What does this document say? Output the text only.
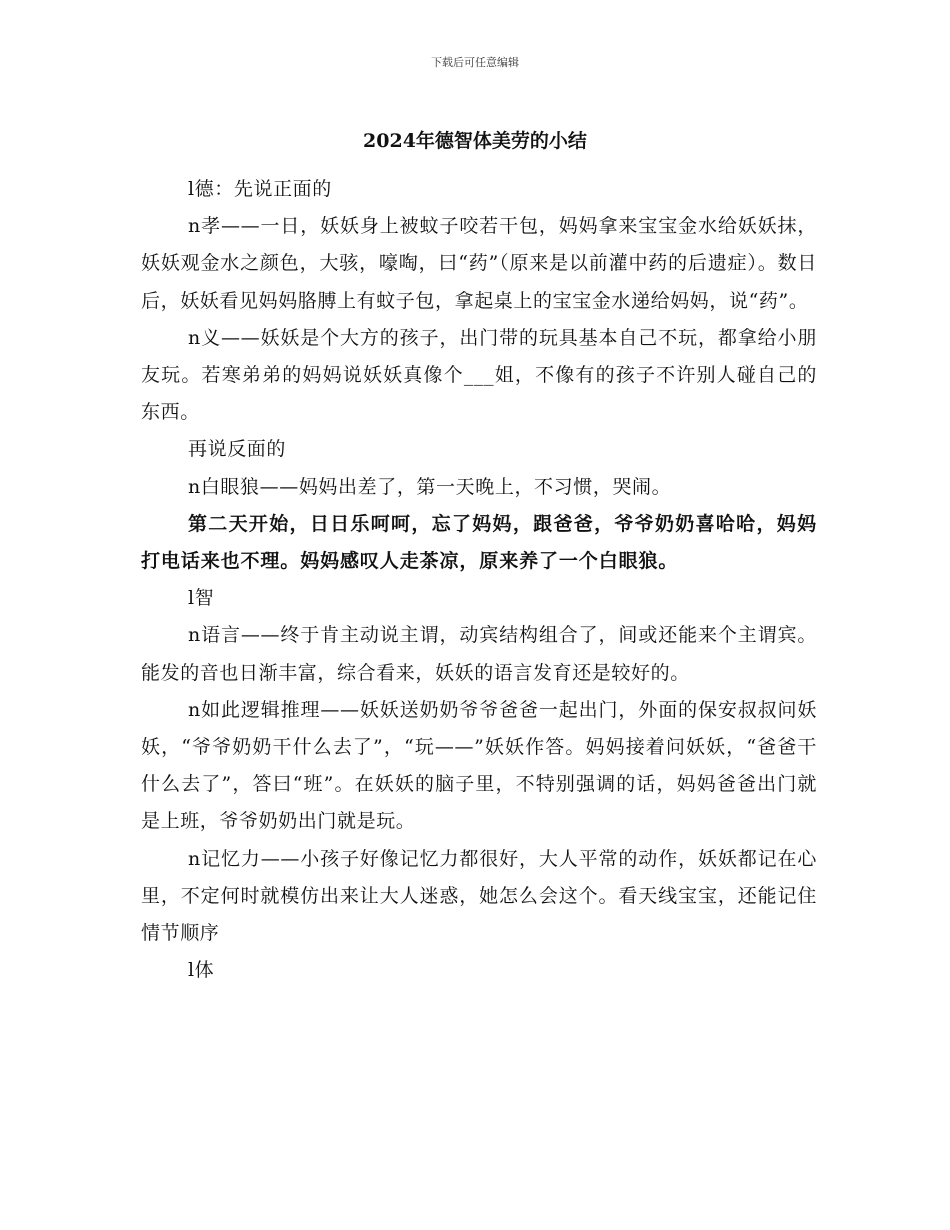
下载后可任意编辑
2024年德智体美劳的小结

l德：先说正面的

n孝——一日，妖妖身上被蚊子咬若干包，妈妈拿来宝宝金水给妖妖抹，妖妖观金水之颜色，大骇，嚎啕，曰“药”（原来是以前灌中药的后遗症）。数日后，妖妖看见妈妈胳膊上有蚊子包，拿起桌上的宝宝金水递给妈妈，说“药”。

n义——妖妖是个大方的孩子，出门带的玩具基本自己不玩，都拿给小朋友玩。若寒弟弟的妈妈说妖妖真像个___姐，不像有的孩子不许别人碰自己的东西。

再说反面的

n白眼狼——妈妈出差了，第一天晚上，不习惯，哭闹。

第二天开始，日日乐呵呵，忘了妈妈，跟爸爸，爷爷奶奶喜哈哈，妈妈打电话来也不理。妈妈感叹人走茶凉，原来养了一个白眼狼。

l智

n语言——终于肯主动说主谓，动宾结构组合了，间或还能来个主谓宾。能发的音也日渐丰富，综合看来，妖妖的语言发育还是较好的。

n如此逻辑推理——妖妖送奶奶爷爷爸爸一起出门，外面的保安叔叔问妖妖，“爷爷奶奶干什么去了”，“玩——”妖妖作答。妈妈接着问妖妖，“爸爸干什么去了”，答曰“班”。在妖妖的脑子里，不特别强调的话，妈妈爸爸出门就是上班，爷爷奶奶出门就是玩。

n记忆力——小孩子好像记忆力都很好，大人平常的动作，妖妖都记在心里，不定何时就模仿出来让大人迷惑，她怎么会这个。看天线宝宝，还能记住情节顺序

l体
